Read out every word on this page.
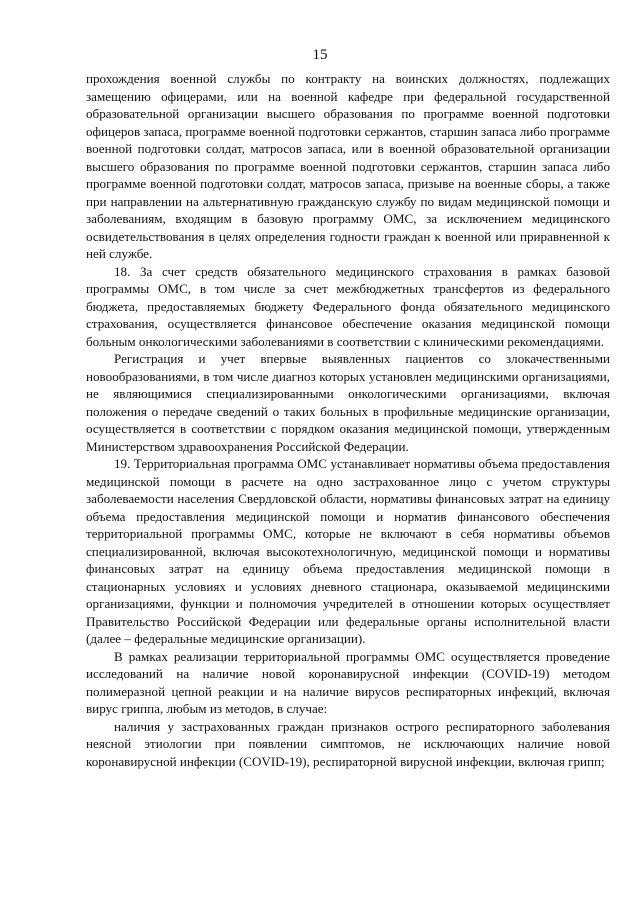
15

прохождения военной службы по контракту на воинских должностях, подлежащих замещению офицерами, или на военной кафедре при федеральной государственной образовательной организации высшего образования по программе военной подготовки офицеров запаса, программе военной подготовки сержантов, старшин запаса либо программе военной подготовки солдат, матросов запаса, или в военной образовательной организации высшего образования по программе военной подготовки сержантов, старшин запаса либо программе военной подготовки солдат, матросов запаса, призыве на военные сборы, а также при направлении на альтернативную гражданскую службу по видам медицинской помощи и заболеваниям, входящим в базовую программу ОМС, за исключением медицинского освидетельствования в целях определения годности граждан к военной или приравненной к ней службе.

18. За счет средств обязательного медицинского страхования в рамках базовой программы ОМС, в том числе за счет межбюджетных трансфертов из федерального бюджета, предоставляемых бюджету Федерального фонда обязательного медицинского страхования, осуществляется финансовое обеспечение оказания медицинской помощи больным онкологическими заболеваниями в соответствии с клиническими рекомендациями.

Регистрация и учет впервые выявленных пациентов со злокачественными новообразованиями, в том числе диагноз которых установлен медицинскими организациями, не являющимися специализированными онкологическими организациями, включая положения о передаче сведений о таких больных в профильные медицинские организации, осуществляется в соответствии с порядком оказания медицинской помощи, утвержденным Министерством здравоохранения Российской Федерации.

19. Территориальная программа ОМС устанавливает нормативы объема предоставления медицинской помощи в расчете на одно застрахованное лицо с учетом структуры заболеваемости населения Свердловской области, нормативы финансовых затрат на единицу объема предоставления медицинской помощи и норматив финансового обеспечения территориальной программы ОМС, которые не включают в себя нормативы объемов специализированной, включая высокотехнологичную, медицинской помощи и нормативы финансовых затрат на единицу объема предоставления медицинской помощи в стационарных условиях и условиях дневного стационара, оказываемой медицинскими организациями, функции и полномочия учредителей в отношении которых осуществляет Правительство Российской Федерации или федеральные органы исполнительной власти (далее – федеральные медицинские организации).

В рамках реализации территориальной программы ОМС осуществляется проведение исследований на наличие новой коронавирусной инфекции (COVID-19) методом полимеразной цепной реакции и на наличие вирусов респираторных инфекций, включая вирус гриппа, любым из методов, в случае:

наличия у застрахованных граждан признаков острого респираторного заболевания неясной этиологии при появлении симптомов, не исключающих наличие новой коронавирусной инфекции (COVID-19), респираторной вирусной инфекции, включая грипп;
